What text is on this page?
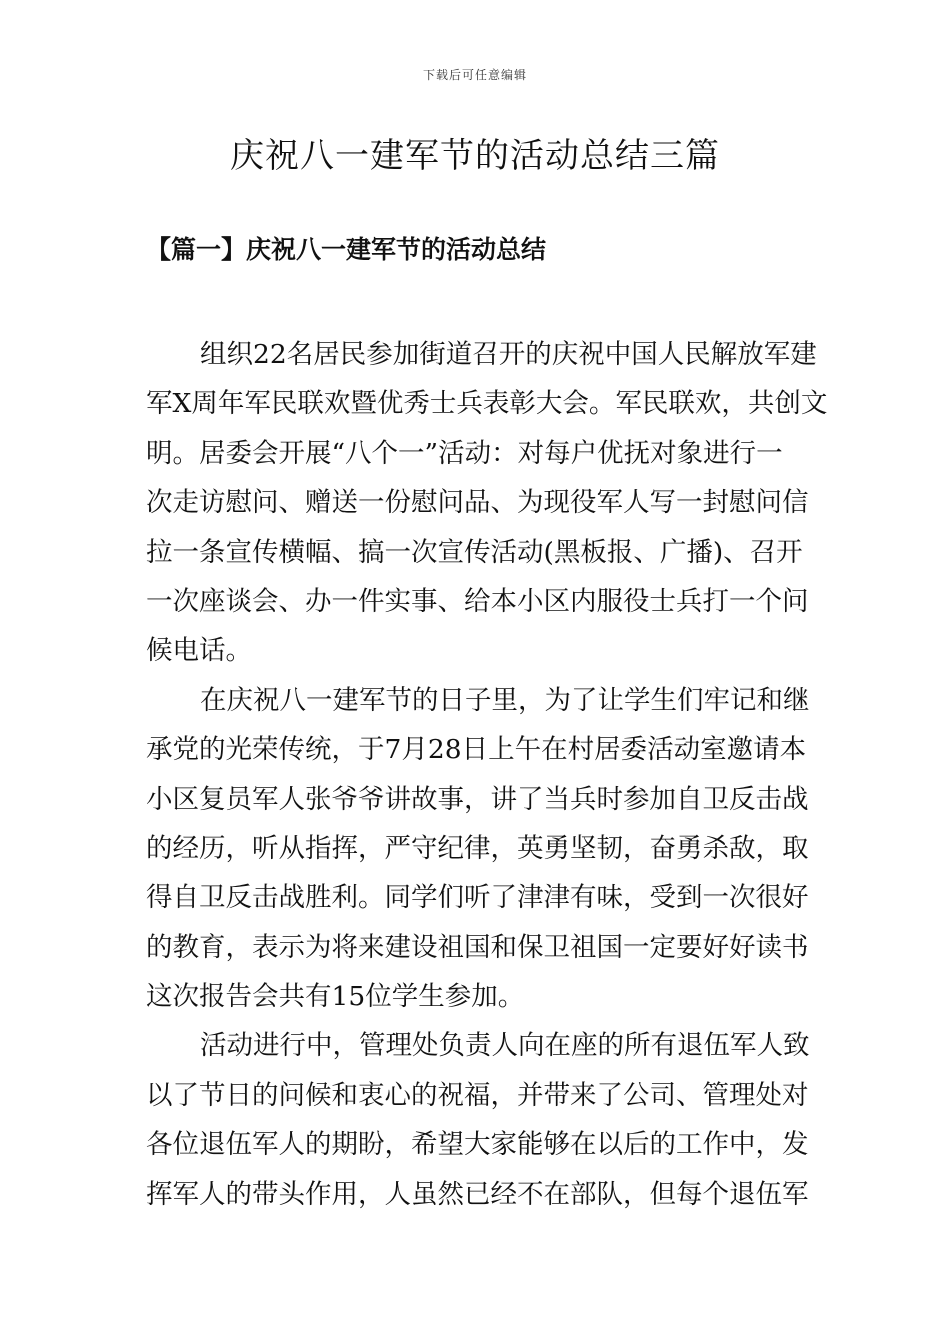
下载后可任意编辑
庆祝八一建军节的活动总结三篇
【篇一】庆祝八一建军节的活动总结

组织22名居民参加街道召开的庆祝中国人民解放军建
军X周年军民联欢暨优秀士兵表彰大会。军民联欢，共创文
明。居委会开展“八个一”活动：对每户优抚对象进行一
次走访慰问、赠送一份慰问品、为现役军人写一封慰问信
拉一条宣传横幅、搞一次宣传活动(黑板报、广播)、召开
一次座谈会、办一件实事、给本小区内服役士兵打一个问
候电话。

在庆祝八一建军节的日子里，为了让学生们牢记和继
承党的光荣传统，于7月28日上午在村居委活动室邀请本
小区复员军人张爷爷讲故事，讲了当兵时参加自卫反击战
的经历，听从指挥，严守纪律，英勇坚韧，奋勇杀敌，取
得自卫反击战胜利。同学们听了津津有味，受到一次很好
的教育，表示为将来建设祖国和保卫祖国一定要好好读书
这次报告会共有15位学生参加。

活动进行中，管理处负责人向在座的所有退伍军人致
以了节日的问候和衷心的祝福，并带来了公司、管理处对
各位退伍军人的期盼，希望大家能够在以后的工作中，发
挥军人的带头作用，人虽然已经不在部队，但每个退伍军
